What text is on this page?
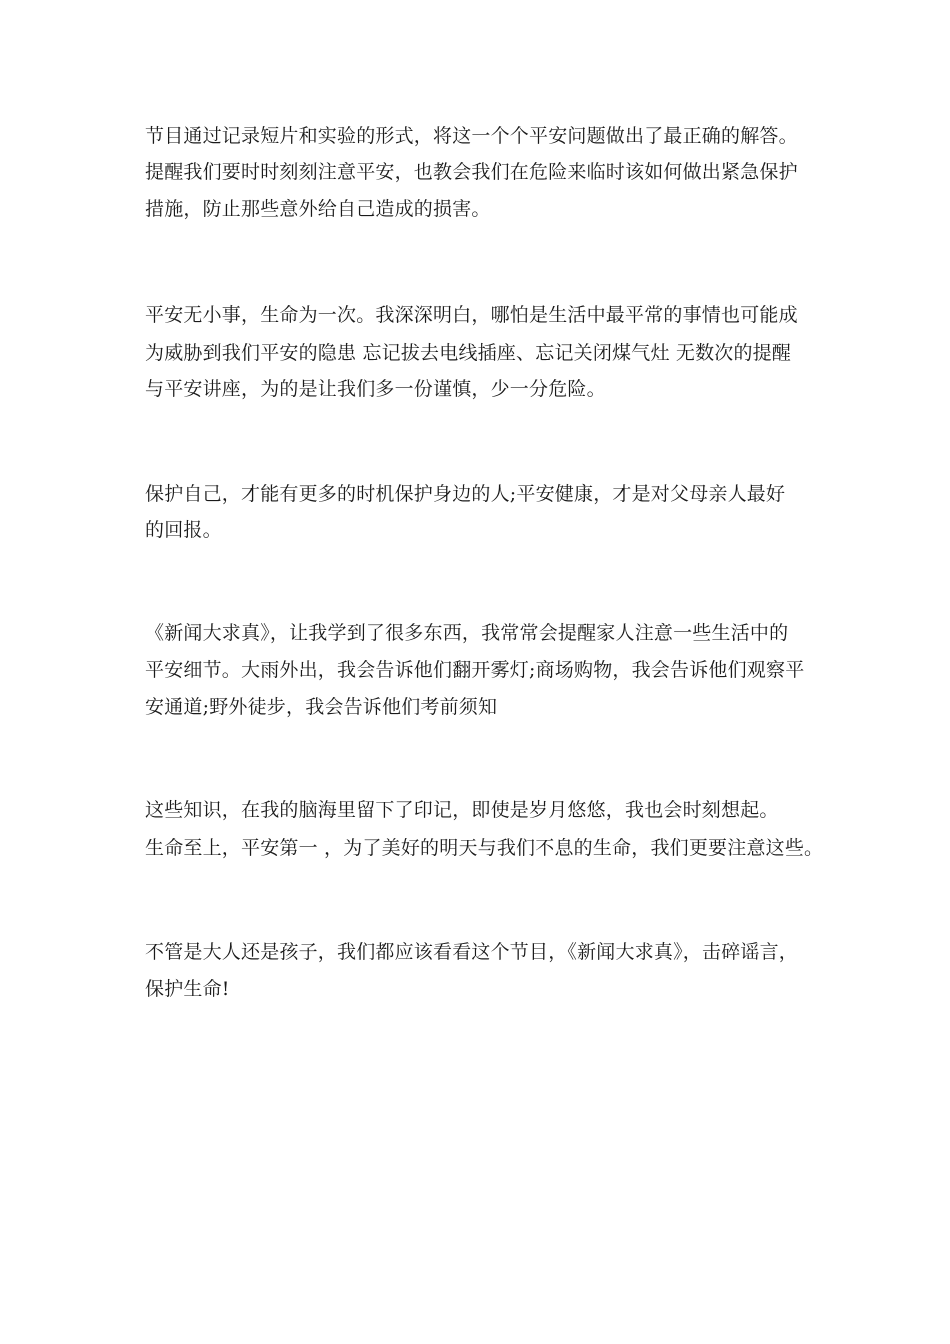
节目通过记录短片和实验的形式，将这一个个平安问题做出了最正确的解答。
提醒我们要时时刻刻注意平安，也教会我们在危险来临时该如何做出紧急保护
措施，防止那些意外给自己造成的损害。
平安无小事，生命为一次。我深深明白，哪怕是生活中最平常的事情也可能成
为威胁到我们平安的隐患 忘记拔去电线插座、忘记关闭煤气灶 无数次的提醒
与平安讲座，为的是让我们多一份谨慎，少一分危险。
保护自己，才能有更多的时机保护身边的人;平安健康，才是对父母亲人最好
的回报。
《新闻大求真》，让我学到了很多东西，我常常会提醒家人注意一些生活中的
平安细节。大雨外出，我会告诉他们翻开雾灯;商场购物，我会告诉他们观察平
安通道;野外徒步，我会告诉他们考前须知
这些知识，在我的脑海里留下了印记，即使是岁月悠悠，我也会时刻想起。
生命至上，平安第一 ，为了美好的明天与我们不息的生命，我们更要注意这些。
不管是大人还是孩子，我们都应该看看这个节目，《新闻大求真》，击碎谣言，
保护生命!
